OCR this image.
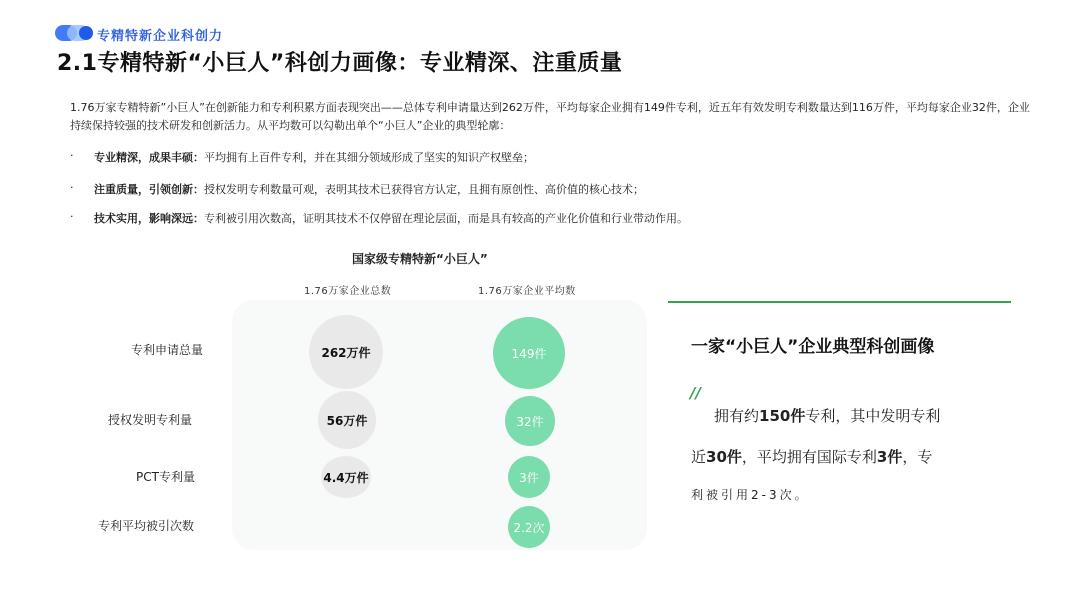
专精特新企业科创力
2.1专精特新“小巨人”科创力画像：专业精深、注重质量
1.76万家专精特新”小巨人”在创新能力和专利积累方面表现突出——总体专利申请量达到262万件，平均每家企业拥有149件专利，近五年有效发明专利数量达到116万件，平均每家企业32件，企业持续保持较强的技术研发和创新活力。从平均数可以勾勒出单个“小巨人”企业的典型轮廓：
· 专业精深，成果丰硕：平均拥有上百件专利，并在其细分领域形成了坚实的知识产权壁垒；
· 注重质量，引领创新：授权发明专利数量可观，表明其技术已获得官方认定，且拥有原创性、高价值的核心技术；
· 技术实用，影响深远：专利被引用次数高，证明其技术不仅停留在理论层面，而是具有较高的产业化价值和行业带动作用。
国家级专精特新“小巨人”
1.76万家企业总数	1.76万家企业平均数
专利申请总量
授权发明专利量
PCT专利量
专利平均被引次数
262万件
56万件
4.4万件
149件
32件
3件
2.2次
一家“小巨人”企业典型科创画像
//
拥有约150件专利，其中发明专利
近30件，平均拥有国际专利3件，专
利被引用2-3次。
